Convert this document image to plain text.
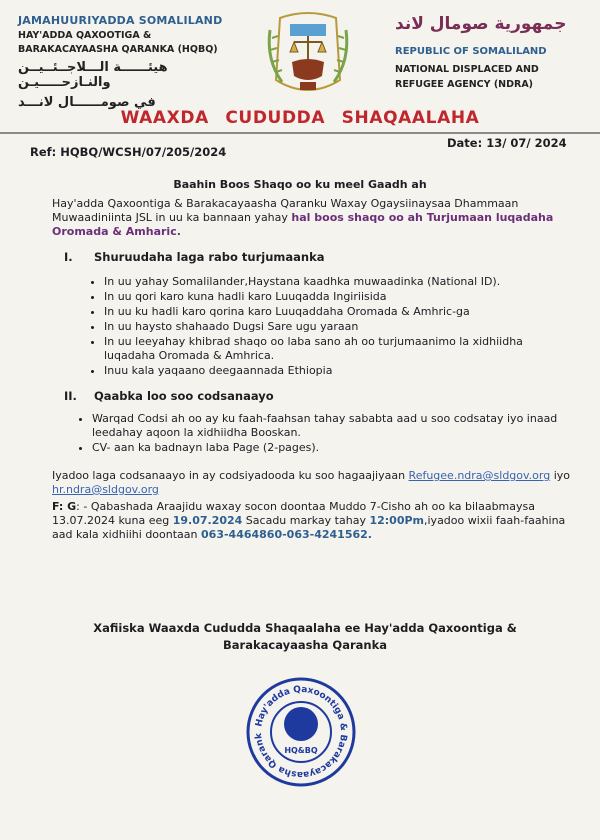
JAMAHUURIYADDA SOMALILAND
HAY'ADDA QAXOOTIGA &
BARAKACAYAASHA QARANKA (HQBQ)
هيئــــــة الـــلاجــئــيــن والنـازحـــــيـن
في صومــــــال لانـــد
جمهورية صومال لاند
REPUBLIC OF SOMALILAND
NATIONAL DISPLACED AND
REFUGEE AGENCY (NDRA)
WAAXDA CUDUDDA SHAQAALAHA
Ref: HQBQ/WCSH/07/205/2024
Date: 13/ 07/ 2024
Baahin Boos Shaqo oo ku meel Gaadh ah
Hay'adda Qaxoontiga & Barakacayaasha Qaranku Waxay Ogaysiinaysaa Dhammaan Muwaadiniinta JSL in uu ka bannaan yahay hal boos shaqo oo ah Turjumaan luqadaha Oromada & Amharic.
I. Shuruudaha laga rabo turjumaanka
• In uu yahay Somalilander,Haystana kaadhka muwaadinka (National ID).
• In uu qori karo kuna hadli karo Luuqadda Ingiriisida
• In uu ku hadli karo qorina karo Luuqaddaha Oromada & Amhric-ga
• In uu haysto shahaado Dugsi Sare ugu yaraan
• In uu leeyahay khibrad shaqo oo laba sano ah oo turjumaanimo la xidhiidha luqadaha Oromada & Amhrica.
• Inuu kala yaqaano deegaannada Ethiopia
II. Qaabka loo soo codsanaayo
• Warqad Codsi ah oo ay ku faah-faahsan tahay sababta aad u soo codsatay iyo inaad leedahay aqoon la xidhiidha Booskan.
• CV- aan ka badnayn laba Page (2-pages).
Iyadoo laga codsanaayo in ay codsiyadooda ku soo hagaajiyaan Refugee.ndra@sldgov.org iyo
hr.ndra@sldgov.org
F: G: - Qabashada Araajidu waxay socon doontaa Muddo 7-Cisho ah oo ka bilaabmaysa 13.07.2024 kuna eeg 19.07.2024 Sacadu markay tahay 12:00Pm,iyadoo wixii faah-faahina aad kala xidhiihi doontaan 063-4464860-063-4241562.
Xafiiska Waaxda Cududda Shaqaalaha ee Hay'adda Qaxoontiga & Barakacayaasha Qaranka
Hay'adda Qaxoontiga & Barakacayaasha Qarank
HQ&BQ
